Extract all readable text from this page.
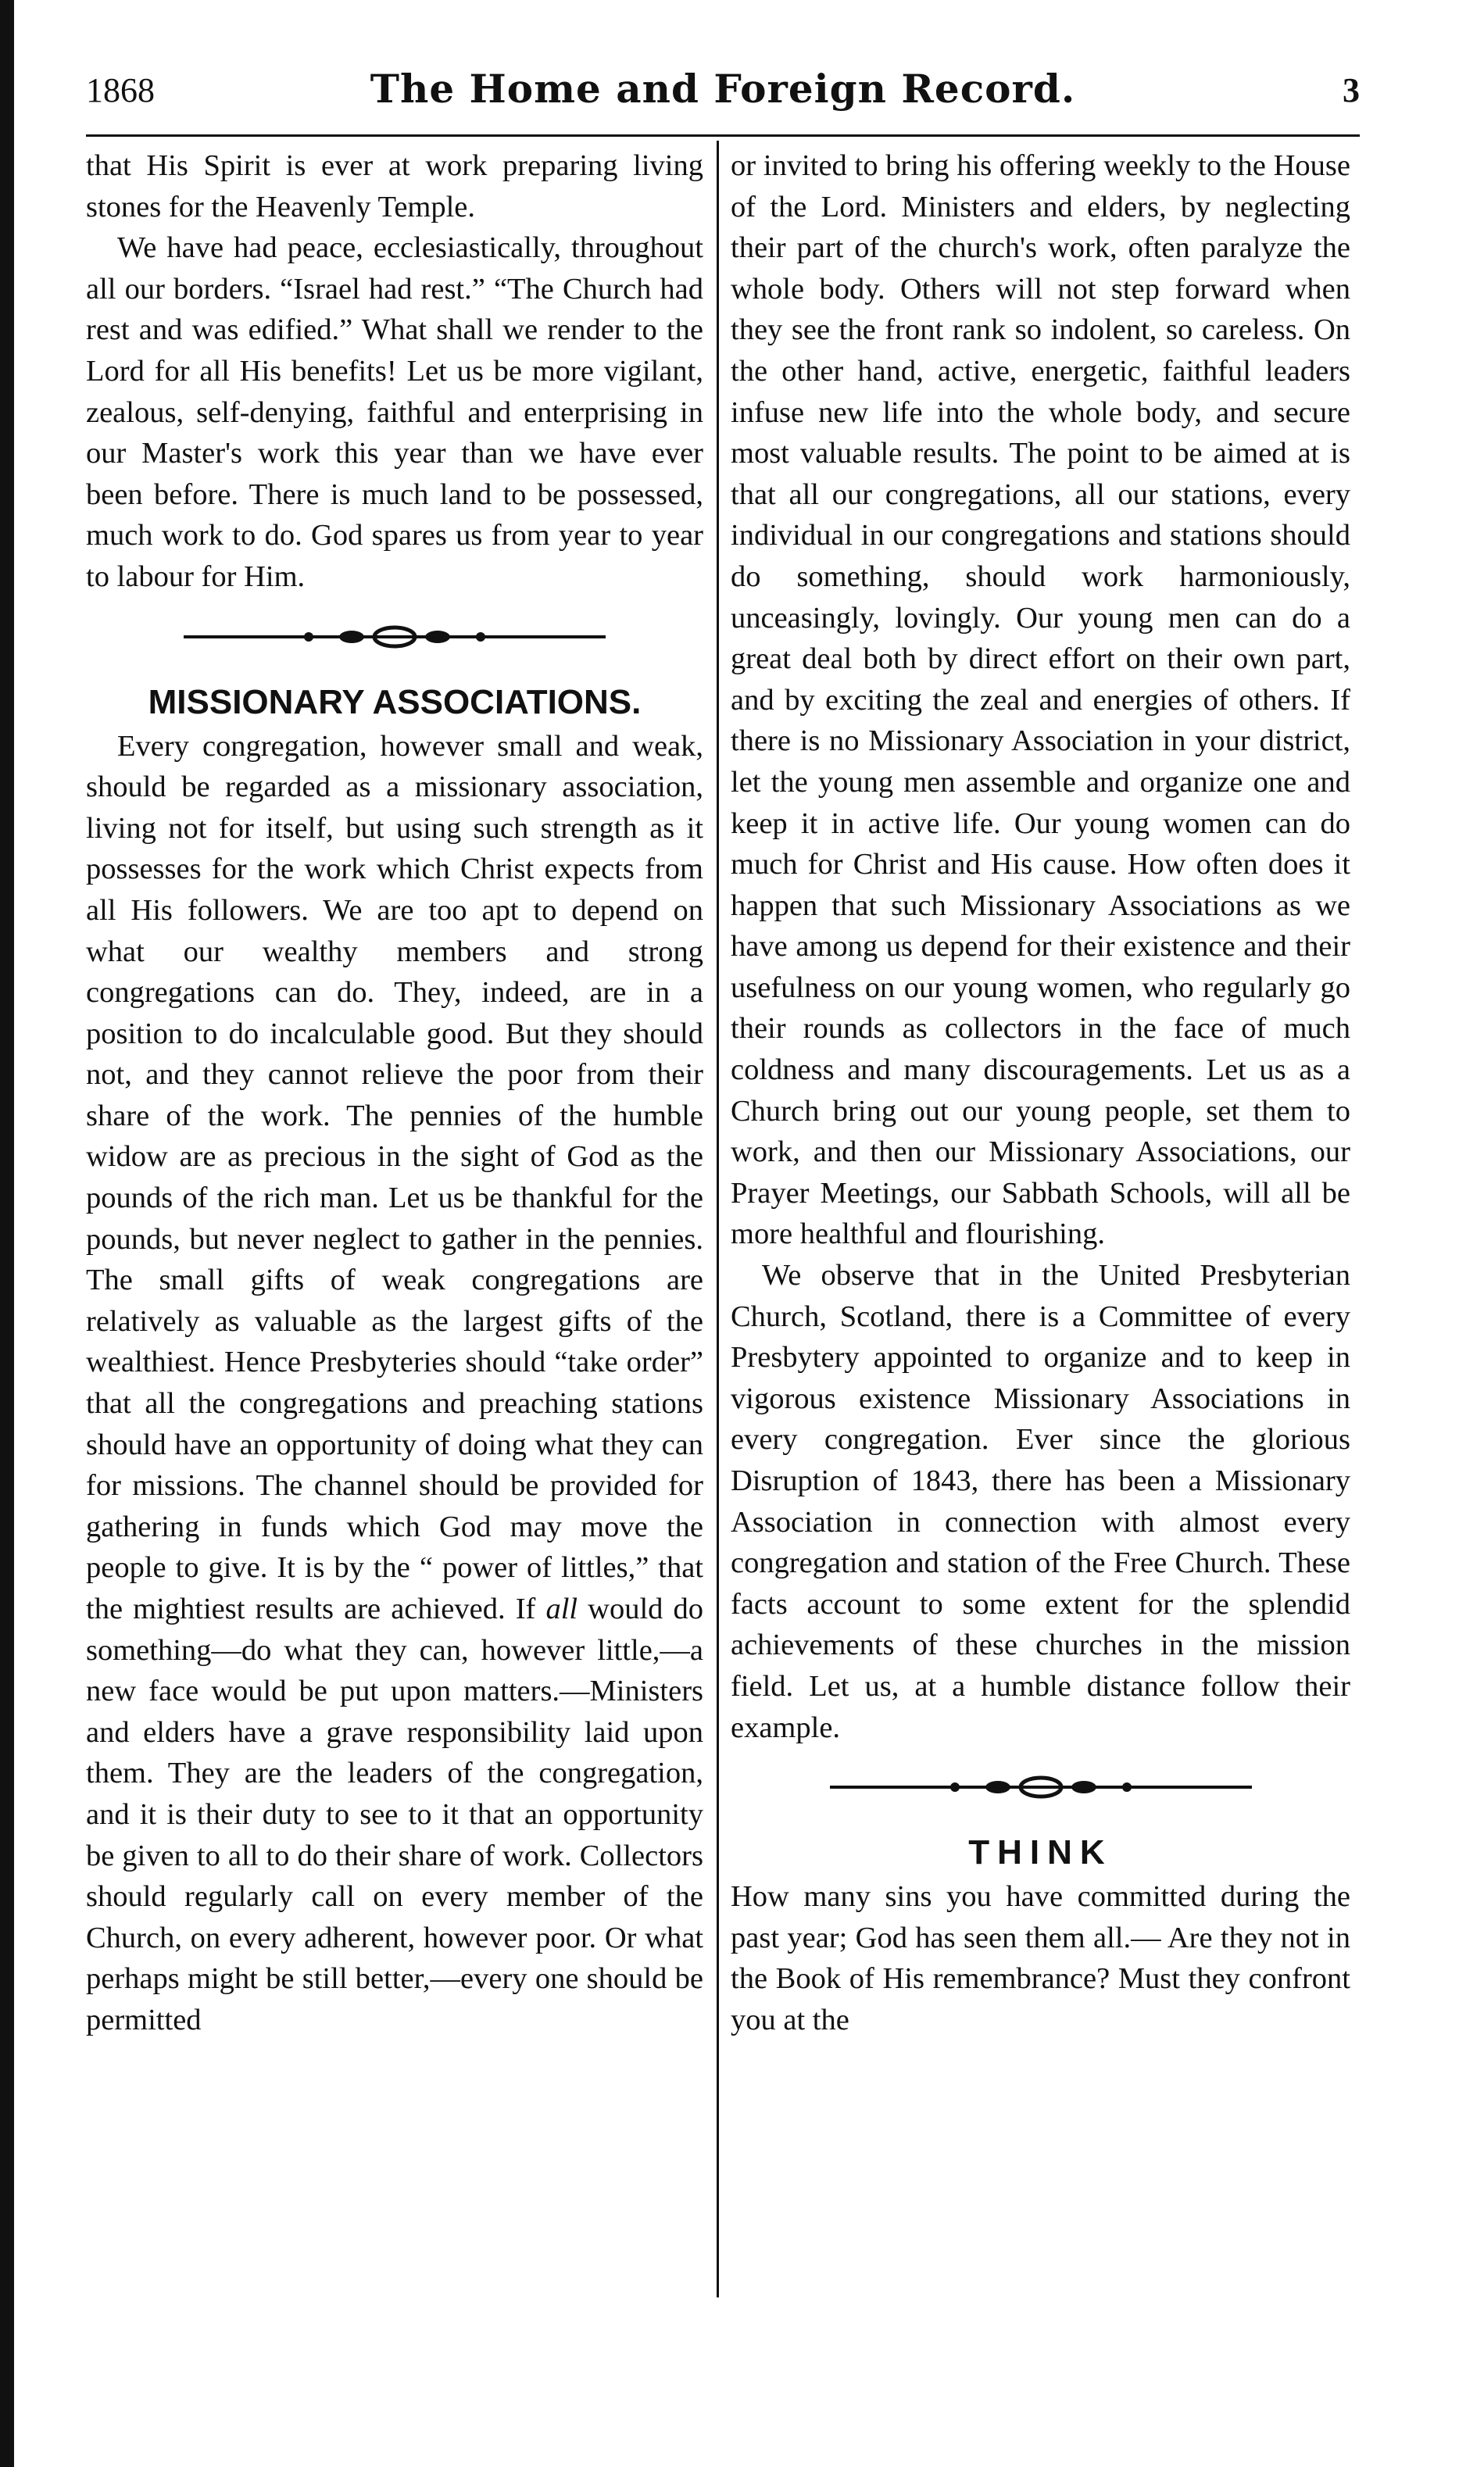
1868	The Home and Foreign Record.	3

that His Spirit is ever at work preparing living stones for the Heavenly Temple.

We have had peace, ecclesiastically, throughout all our borders. “Israel had rest.” “The Church had rest and was edified.” What shall we render to the Lord for all His benefits! Let us be more vigilant, zealous, self-denying, faithful and enterprising in our Master's work this year than we have ever been before. There is much land to be possessed, much work to do. God spares us from year to year to labour for Him.

MISSIONARY ASSOCIATIONS.

Every congregation, however small and weak, should be regarded as a missionary association, living not for itself, but using such strength as it possesses for the work which Christ expects from all His followers. We are too apt to depend on what our wealthy members and strong congregations can do. They, indeed, are in a position to do incalculable good. But they should not, and they cannot relieve the poor from their share of the work. The pennies of the humble widow are as precious in the sight of God as the pounds of the rich man. Let us be thankful for the pounds, but never neglect to gather in the pennies. The small gifts of weak congregations are relatively as valuable as the largest gifts of the wealthiest. Hence Presbyteries should “take order” that all the congregations and preaching stations should have an opportunity of doing what they can for missions. The channel should be provided for gathering in funds which God may move the people to give. It is by the “ power of littles,” that the mightiest results are achieved. If all would do something—do what they can, however little,—a new face would be put upon matters.—Ministers and elders have a grave responsibility laid upon them. They are the leaders of the congregation, and it is their duty to see to it that an opportunity be given to all to do their share of work. Collectors should regularly call on every member of the Church, on every adherent, however poor. Or what perhaps might be still better,—every one should be permitted

or invited to bring his offering weekly to the House of the Lord. Ministers and elders, by neglecting their part of the church's work, often paralyze the whole body. Others will not step forward when they see the front rank so indolent, so careless. On the other hand, active, energetic, faithful leaders infuse new life into the whole body, and secure most valuable results. The point to be aimed at is that all our congregations, all our stations, every individual in our congregations and stations should do something, should work harmoniously, unceasingly, lovingly. Our young men can do a great deal both by direct effort on their own part, and by exciting the zeal and energies of others. If there is no Missionary Association in your district, let the young men assemble and organize one and keep it in active life. Our young women can do much for Christ and His cause. How often does it happen that such Missionary Associations as we have among us depend for their existence and their usefulness on our young women, who regularly go their rounds as collectors in the face of much coldness and many discouragements. Let us as a Church bring out our young people, set them to work, and then our Missionary Associations, our Prayer Meetings, our Sabbath Schools, will all be more healthful and flourishing.

We observe that in the United Presbyterian Church, Scotland, there is a Committee of every Presbytery appointed to organize and to keep in vigorous existence Missionary Associations in every congregation. Ever since the glorious Disruption of 1843, there has been a Missionary Association in connection with almost every congregation and station of the Free Church. These facts account to some extent for the splendid achievements of these churches in the mission field. Let us, at a humble distance follow their example.

THINK

How many sins you have committed during the past year; God has seen them all.— Are they not in the Book of His remembrance? Must they confront you at the
